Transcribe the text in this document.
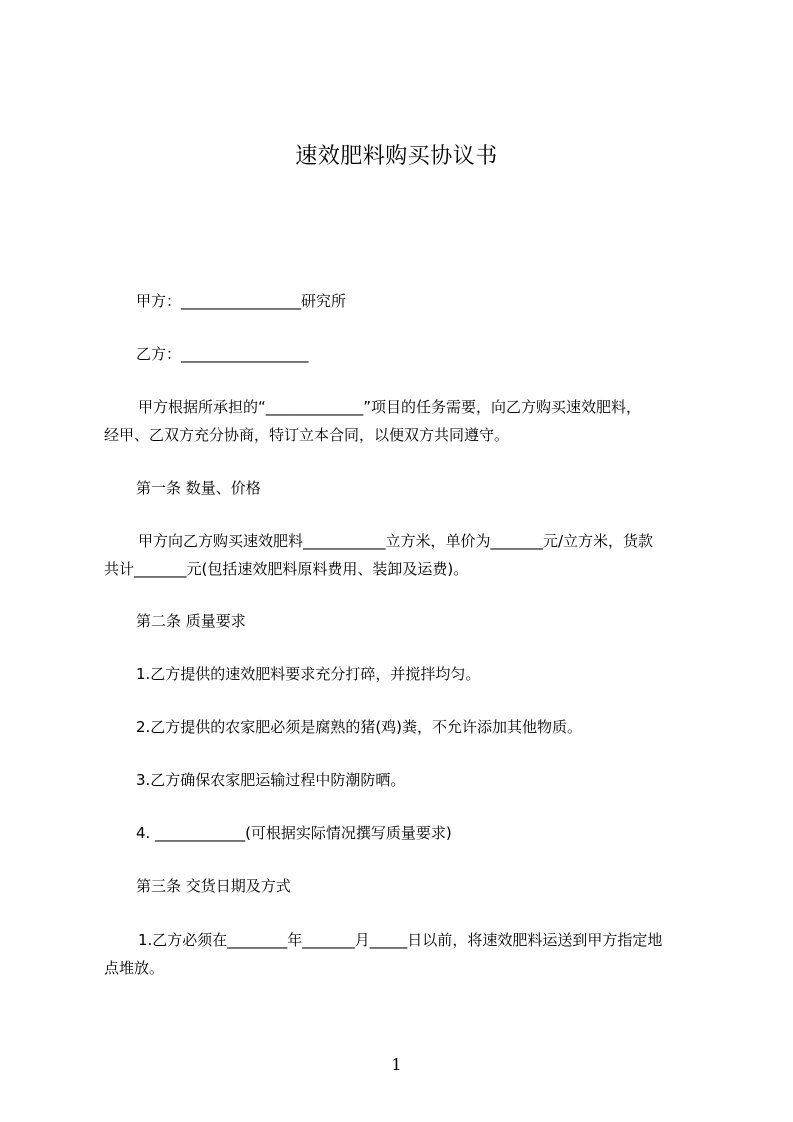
速效肥料购买协议书
甲方：________________研究所
乙方：_________________
甲方根据所承担的“_____________”项目的任务需要，向乙方购买速效肥料，
经甲、乙双方充分协商，特订立本合同，以便双方共同遵守。
第一条 数量、价格
甲方向乙方购买速效肥料___________立方米，单价为_______元/立方米，货款
共计_______元(包括速效肥料原料费用、装卸及运费)。
第二条 质量要求
1.乙方提供的速效肥料要求充分打碎，并搅拌均匀。
2.乙方提供的农家肥必须是腐熟的猪(鸡)粪，不允许添加其他物质。
3.乙方确保农家肥运输过程中防潮防晒。
4. ____________(可根据实际情况撰写质量要求)
第三条 交货日期及方式
1.乙方必须在________年_______月_____日以前，将速效肥料运送到甲方指定地
点堆放。
1
